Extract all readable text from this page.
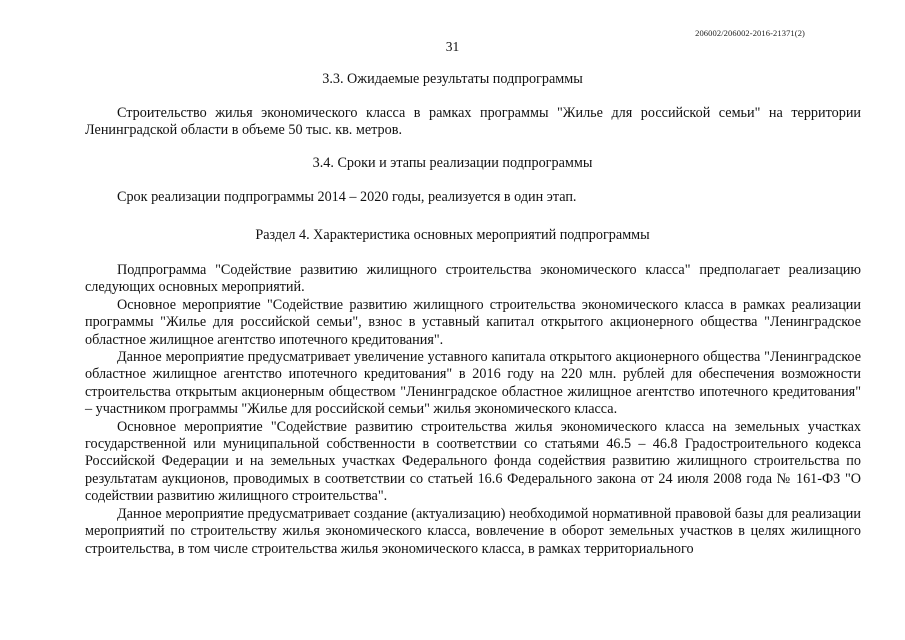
206002/206002-2016-21371(2)
31
3.3. Ожидаемые результаты подпрограммы

Строительство жилья экономического класса в рамках программы "Жилье для российской семьи" на территории Ленинградской области в объеме 50 тыс. кв. метров.

3.4. Сроки и этапы реализации подпрограммы

Срок реализации подпрограммы 2014 – 2020 годы, реализуется в один этап.

Раздел 4. Характеристика основных мероприятий подпрограммы

Подпрограмма "Содействие развитию жилищного строительства экономического класса" предполагает реализацию следующих основных мероприятий.

Основное мероприятие "Содействие развитию жилищного строительства экономического класса в рамках реализации программы "Жилье для российской семьи", взнос в уставный капитал открытого акционерного общества "Ленинградское областное жилищное агентство ипотечного кредитования".

Данное мероприятие предусматривает увеличение уставного капитала открытого акционерного общества "Ленинградское областное жилищное агентство ипотечного кредитования" в 2016 году на 220 млн. рублей для обеспечения возможности строительства открытым акционерным обществом "Ленинградское областное жилищное агентство ипотечного кредитования" – участником программы "Жилье для российской семьи" жилья экономического класса.

Основное мероприятие "Содействие развитию строительства жилья экономического класса на земельных участках государственной или муниципальной собственности в соответствии со статьями 46.5 – 46.8 Градостроительного кодекса Российской Федерации и на земельных участках Федерального фонда содействия развитию жилищного строительства по результатам аукционов, проводимых в соответствии со статьей 16.6 Федерального закона от 24 июля 2008 года № 161-ФЗ "О содействии развитию жилищного строительства".

Данное мероприятие предусматривает создание (актуализацию) необходимой нормативной правовой базы для реализации мероприятий по строительству жилья экономического класса, вовлечение в оборот земельных участков в целях жилищного строительства, в том числе строительства жилья экономического класса, в рамках территориального
